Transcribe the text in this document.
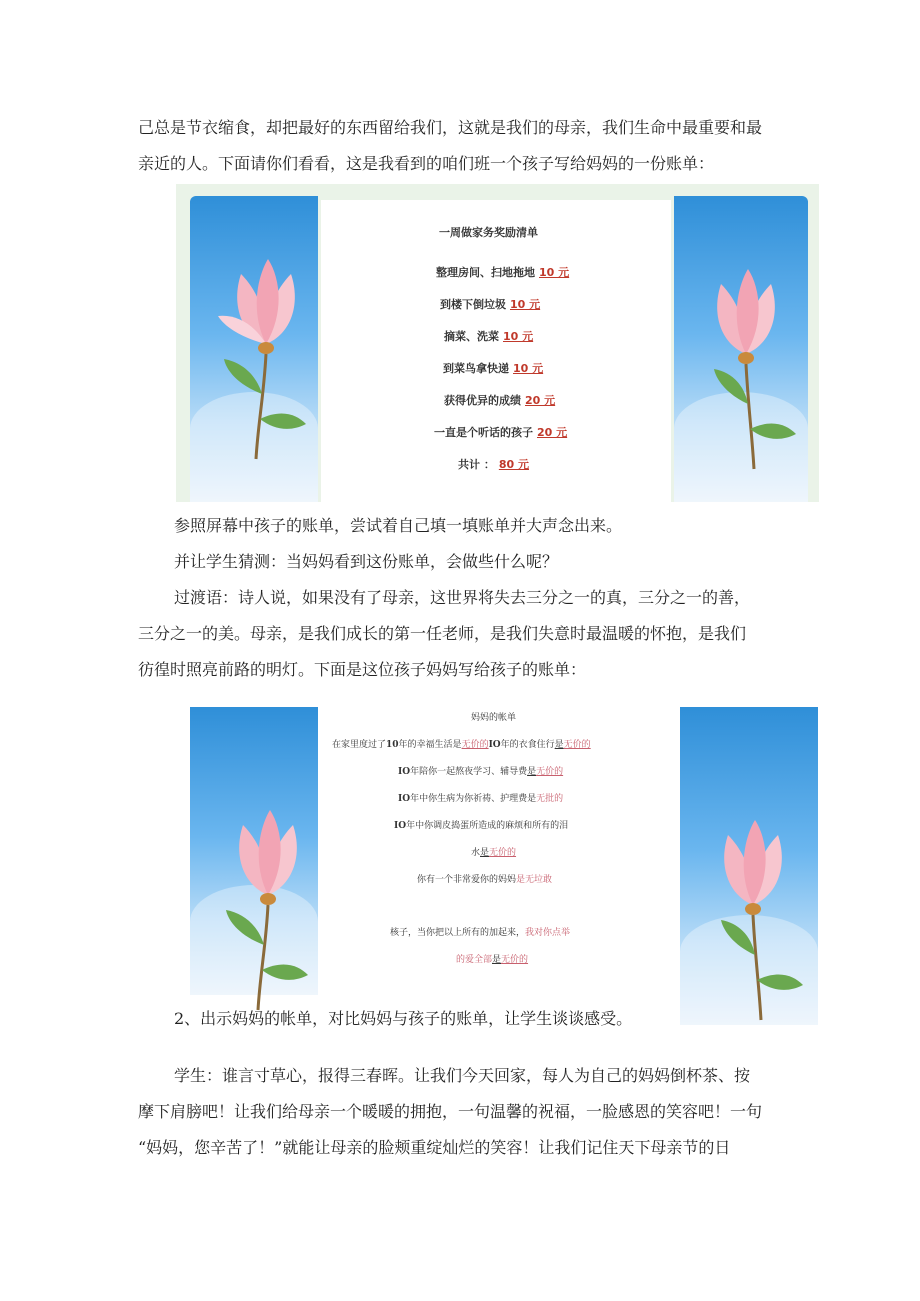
己总是节衣缩食，却把最好的东西留给我们，这就是我们的母亲，我们生命中最重要和最
亲近的人。下面请你们看看，这是我看到的咱们班一个孩子写给妈妈的一份账单：
一周做家务奖励清单
整理房间、扫地拖地 10 元
到楼下倒垃圾 10 元
摘菜、洗菜 10 元
到菜鸟拿快递 10 元
获得优异的成绩 20 元
一直是个听话的孩子 20 元
共计 ： 80 元
参照屏幕中孩子的账单，尝试着自己填一填账单并大声念出来。
并让学生猜测：当妈妈看到这份账单，会做些什么呢？
过渡语：诗人说，如果没有了母亲，这世界将失去三分之一的真，三分之一的善，
三分之一的美。母亲，是我们成长的第一任老师，是我们失意时最温暖的怀抱，是我们
彷徨时照亮前路的明灯。下面是这位孩子妈妈写给孩子的账单：
妈妈的帐单
在家里度过了10年的幸福生活是无价的IO年的衣食住行是无价的
IO年陪你一起熬夜学习、辅导费是无价的
IO年中你生病为你祈祷、护理费是无批的
IO年中你调皮捣蛋所造成的麻烦和所有的泪
水是无价的
你有一个非常爱你的妈妈是无垃敢
核子，当你把以上所有的加起来，我对你点举
的爱全部是无价的
2、出示妈妈的帐单，对比妈妈与孩子的账单，让学生谈谈感受。
学生：谁言寸草心，报得三春晖。让我们今天回家，每人为自己的妈妈倒杯茶、按
摩下肩膀吧！让我们给母亲一个暖暖的拥抱，一句温馨的祝福，一脸感恩的笑容吧！一句
“妈妈，您辛苦了！”就能让母亲的脸颊重绽灿烂的笑容！让我们记住天下母亲节的日
